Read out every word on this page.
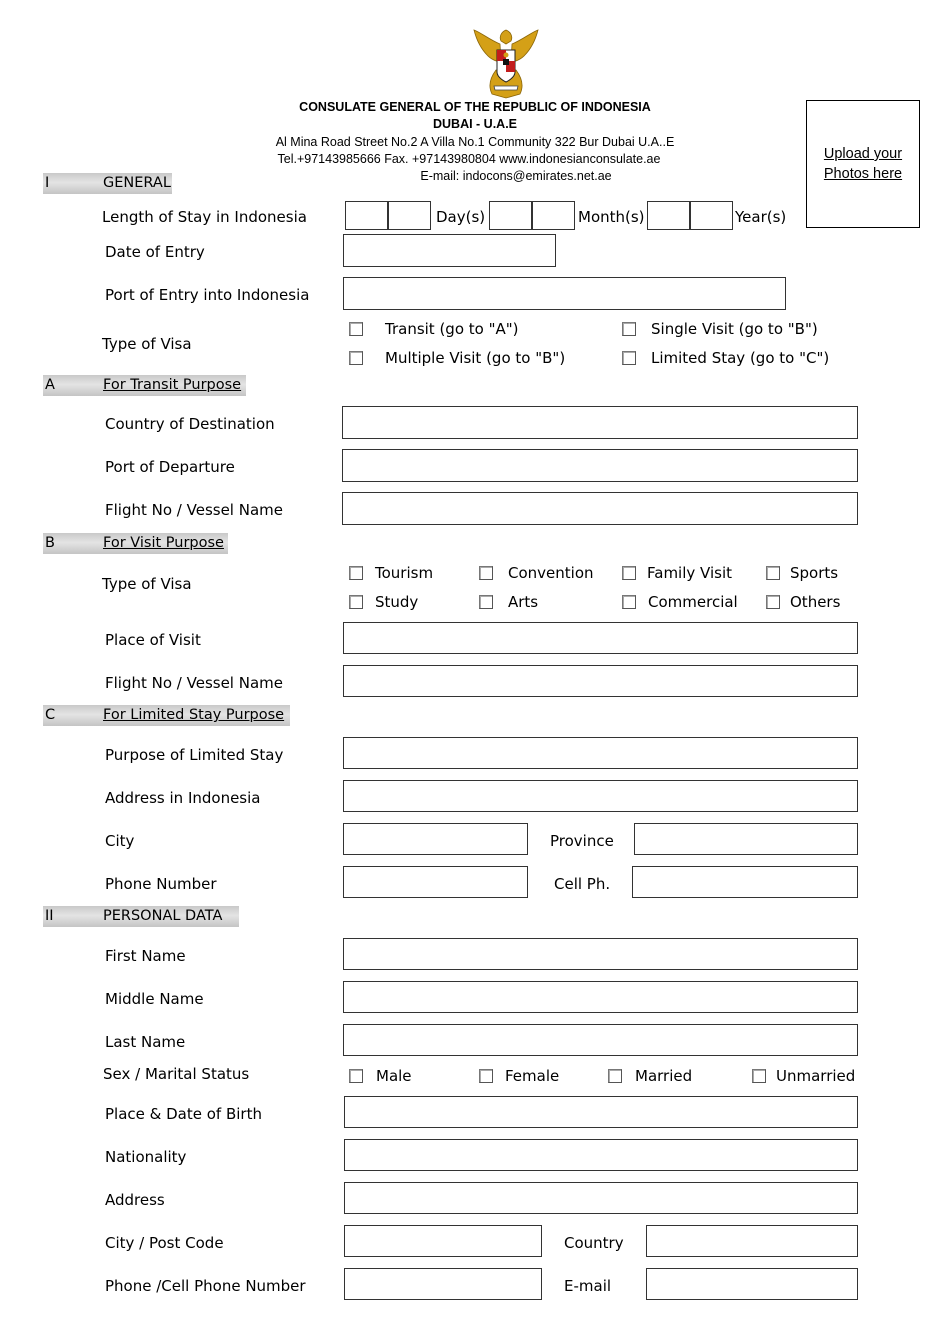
CONSULATE GENERAL OF THE REPUBLIC OF INDONESIA
DUBAI - U.A.E
Al Mina Road Street No.2 A Villa No.1 Community 322 Bur Dubai U.A..E
Tel.+97143985666 Fax. +97143980804 www.indonesianconsulate.ae
E-mail: indocons@emirates.net.ae
Upload your
Photos here
I	GENERAL
Length of Stay in Indonesia	Day(s)	Month(s)	Year(s)
Date of Entry
Port of Entry into Indonesia
Type of Visa
Transit (go to "A")	Single Visit (go to "B")
Multiple Visit (go to "B")	Limited Stay (go to "C")
A	For Transit Purpose
Country of Destination
Port of Departure
Flight No / Vessel Name
B	For Visit Purpose
Type of Visa
Tourism	Convention	Family Visit	Sports
Study	Arts	Commercial	Others
Place of Visit
Flight No / Vessel Name
C	For Limited Stay Purpose
Purpose of Limited Stay
Address in Indonesia
City	Province
Phone Number	Cell Ph.
II	PERSONAL DATA
First Name
Middle Name
Last Name
Sex / Marital Status	Male	Female	Married	Unmarried
Place & Date of Birth
Nationality
Address
City / Post Code	Country
Phone /Cell Phone Number	E-mail
